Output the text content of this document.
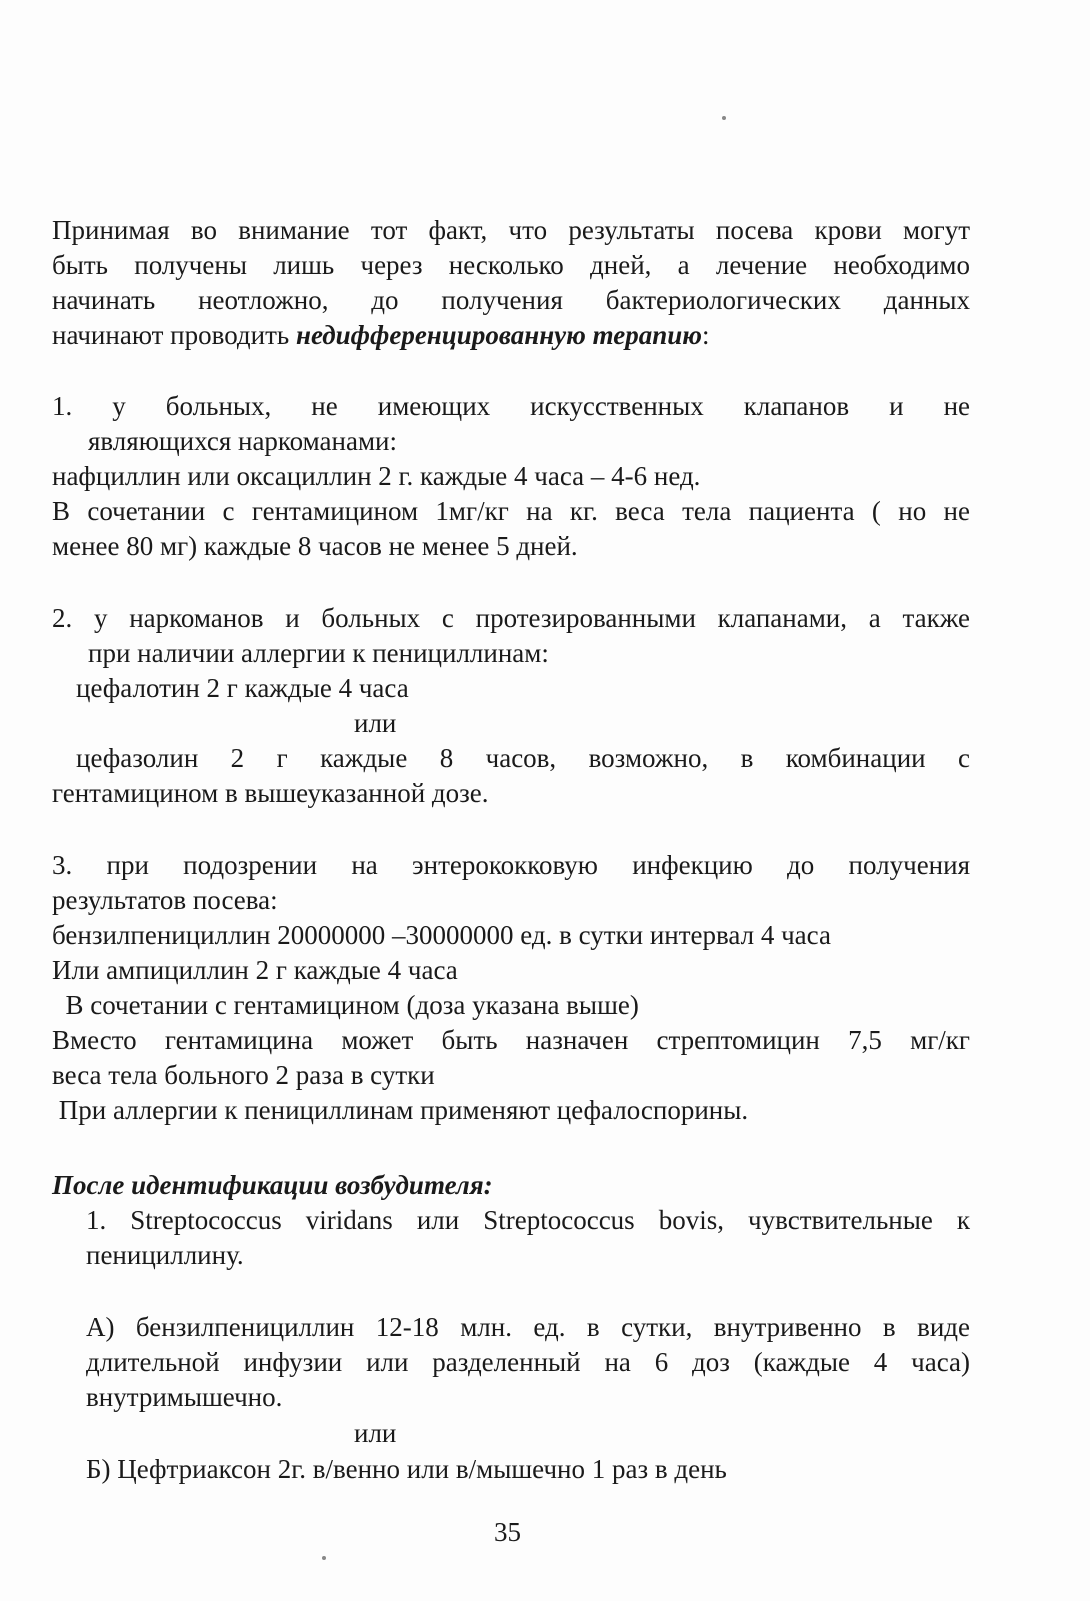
Принимая во внимание тот факт, что результаты посева крови могут
быть получены лишь через несколько дней, а лечение необходимо
начинать неотложно, до получения бактериологических данных
начинают проводить недифференцированную терапию:
1. у больных, не имеющих искусственных клапанов и не
являющихся наркоманами:
нафциллин или оксациллин 2 г. каждые 4 часа – 4-6 нед.
В сочетании с гентамицином 1мг/кг на кг. веса тела пациента ( но не
менее 80 мг) каждые 8 часов не менее 5 дней.
2. у наркоманов и больных с протезированными клапанами, а также
при наличии аллергии к пенициллинам:
цефалотин 2 г каждые 4 часа
или
цефазолин 2 г каждые 8 часов, возможно, в комбинации с
гентамицином в вышеуказанной дозе.
3. при подозрении на энтерококковую инфекцию до получения
результатов посева:
бензилпенициллин 20000000 –30000000 ед. в сутки интервал 4 часа
Или ампициллин 2 г каждые 4 часа
В сочетании с гентамицином (доза указана выше)
Вместо гентамицина может быть назначен стрептомицин 7,5 мг/кг
веса тела больного 2 раза в сутки
При аллергии к пенициллинам применяют цефалоспорины.
После идентификации возбудителя:
1. Streptococcus viridans или Streptococcus bovis, чувствительные к
пенициллину.
А) бензилпенициллин 12-18 млн. ед. в сутки, внутривенно в виде
длительной инфузии или разделенный на 6 доз (каждые 4 часа)
внутримышечно.
или
Б) Цефтриаксон 2г. в/венно или в/мышечно 1 раз в день
35
